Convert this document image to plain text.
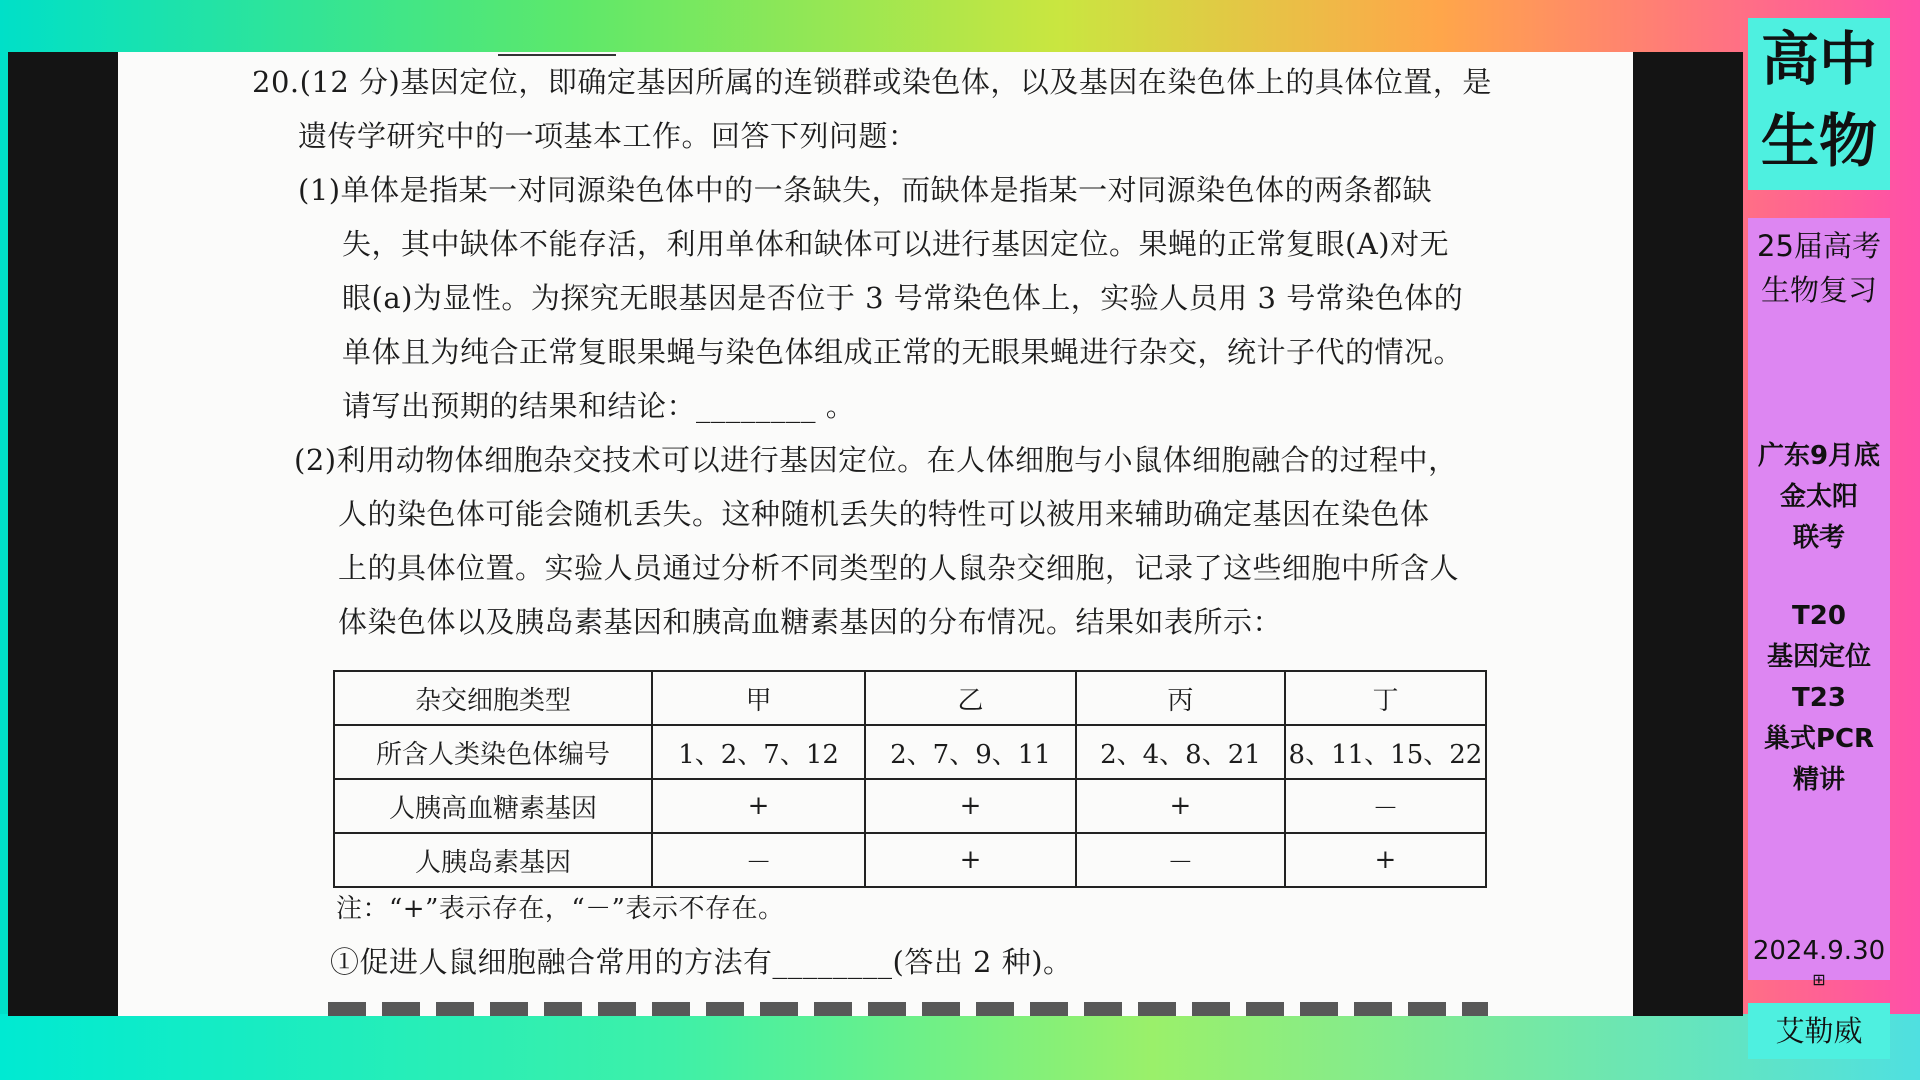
20.(12 分)基因定位，即确定基因所属的连锁群或染色体，以及基因在染色体上的具体位置，是
遗传学研究中的一项基本工作。回答下列问题：
(1)单体是指某一对同源染色体中的一条缺失，而缺体是指某一对同源染色体的两条都缺
失，其中缺体不能存活，利用单体和缺体可以进行基因定位。果蝇的正常复眼(A)对无
眼(a)为显性。为探究无眼基因是否位于 3 号常染色体上，实验人员用 3 号常染色体的
单体且为纯合正常复眼果蝇与染色体组成正常的无眼果蝇进行杂交，统计子代的情况。
请写出预期的结果和结论：________ 。
(2)利用动物体细胞杂交技术可以进行基因定位。在人体细胞与小鼠体细胞融合的过程中，
人的染色体可能会随机丢失。这种随机丢失的特性可以被用来辅助确定基因在染色体
上的具体位置。实验人员通过分析不同类型的人鼠杂交细胞，记录了这些细胞中所含人
体染色体以及胰岛素基因和胰高血糖素基因的分布情况。结果如表所示：
杂交细胞类型	甲	乙	丙	丁
所含人类染色体编号	1、2、7、12	2、7、9、11	2、4、8、21	8、11、15、22
人胰高血糖素基因	+	+	+	－
人胰岛素基因	－	+	－	+
注：“+”表示存在，“－”表示不存在。
①促进人鼠细胞融合常用的方法有________(答出 2 种)。
高中
生物
25届高考
生物复习
广东9月底
金太阳
联考
T20
基因定位
T23
巢式PCR
精讲
2024.9.30
⊞
艾勒威
